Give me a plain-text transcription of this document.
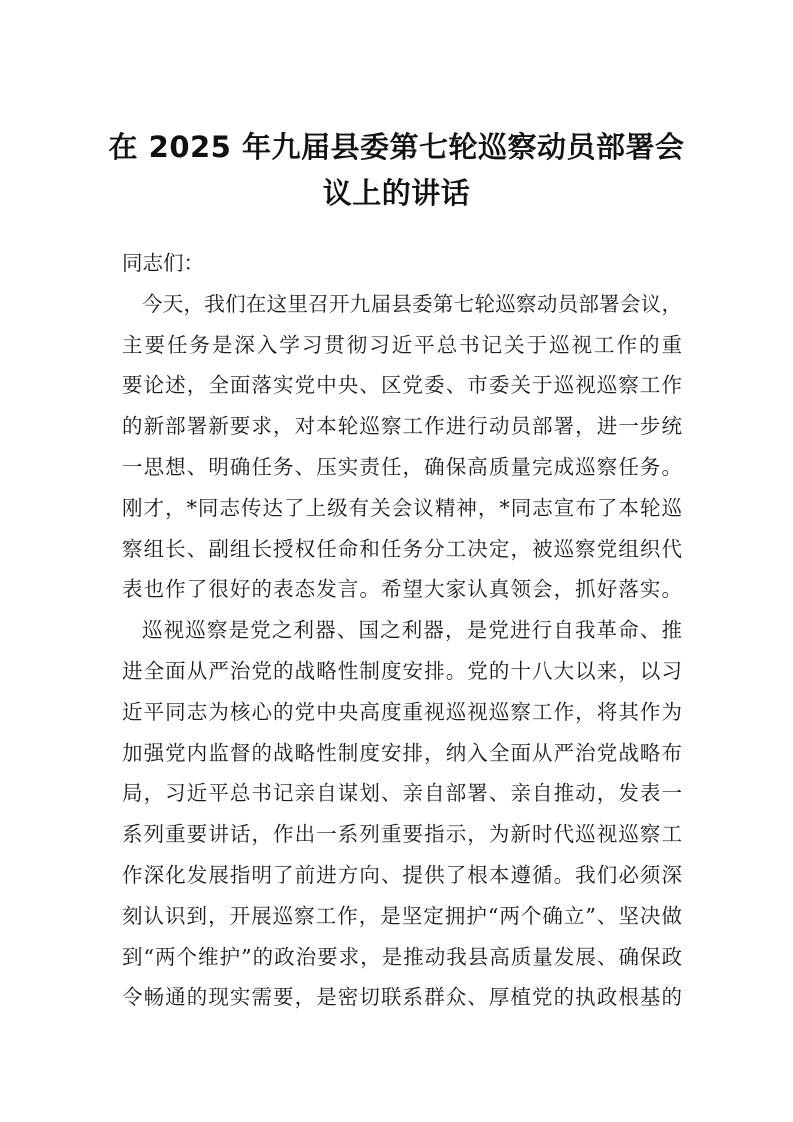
在 2025 年九届县委第七轮巡察动员部署会
议上的讲话
同志们：
今天，我们在这里召开九届县委第七轮巡察动员部署会议，
主要任务是深入学习贯彻习近平总书记关于巡视工作的重
要论述，全面落实党中央、区党委、市委关于巡视巡察工作
的新部署新要求，对本轮巡察工作进行动员部署，进一步统
一思想、明确任务、压实责任，确保高质量完成巡察任务。
刚才，*同志传达了上级有关会议精神，*同志宣布了本轮巡
察组长、副组长授权任命和任务分工决定，被巡察党组织代
表也作了很好的表态发言。希望大家认真领会，抓好落实。
巡视巡察是党之利器、国之利器，是党进行自我革命、推
进全面从严治党的战略性制度安排。党的十八大以来，以习
近平同志为核心的党中央高度重视巡视巡察工作，将其作为
加强党内监督的战略性制度安排，纳入全面从严治党战略布
局，习近平总书记亲自谋划、亲自部署、亲自推动，发表一
系列重要讲话，作出一系列重要指示，为新时代巡视巡察工
作深化发展指明了前进方向、提供了根本遵循。我们必须深
刻认识到，开展巡察工作，是坚定拥护“两个确立”、坚决做
到“两个维护”的政治要求，是推动我县高质量发展、确保政
令畅通的现实需要，是密切联系群众、厚植党的执政根基的
